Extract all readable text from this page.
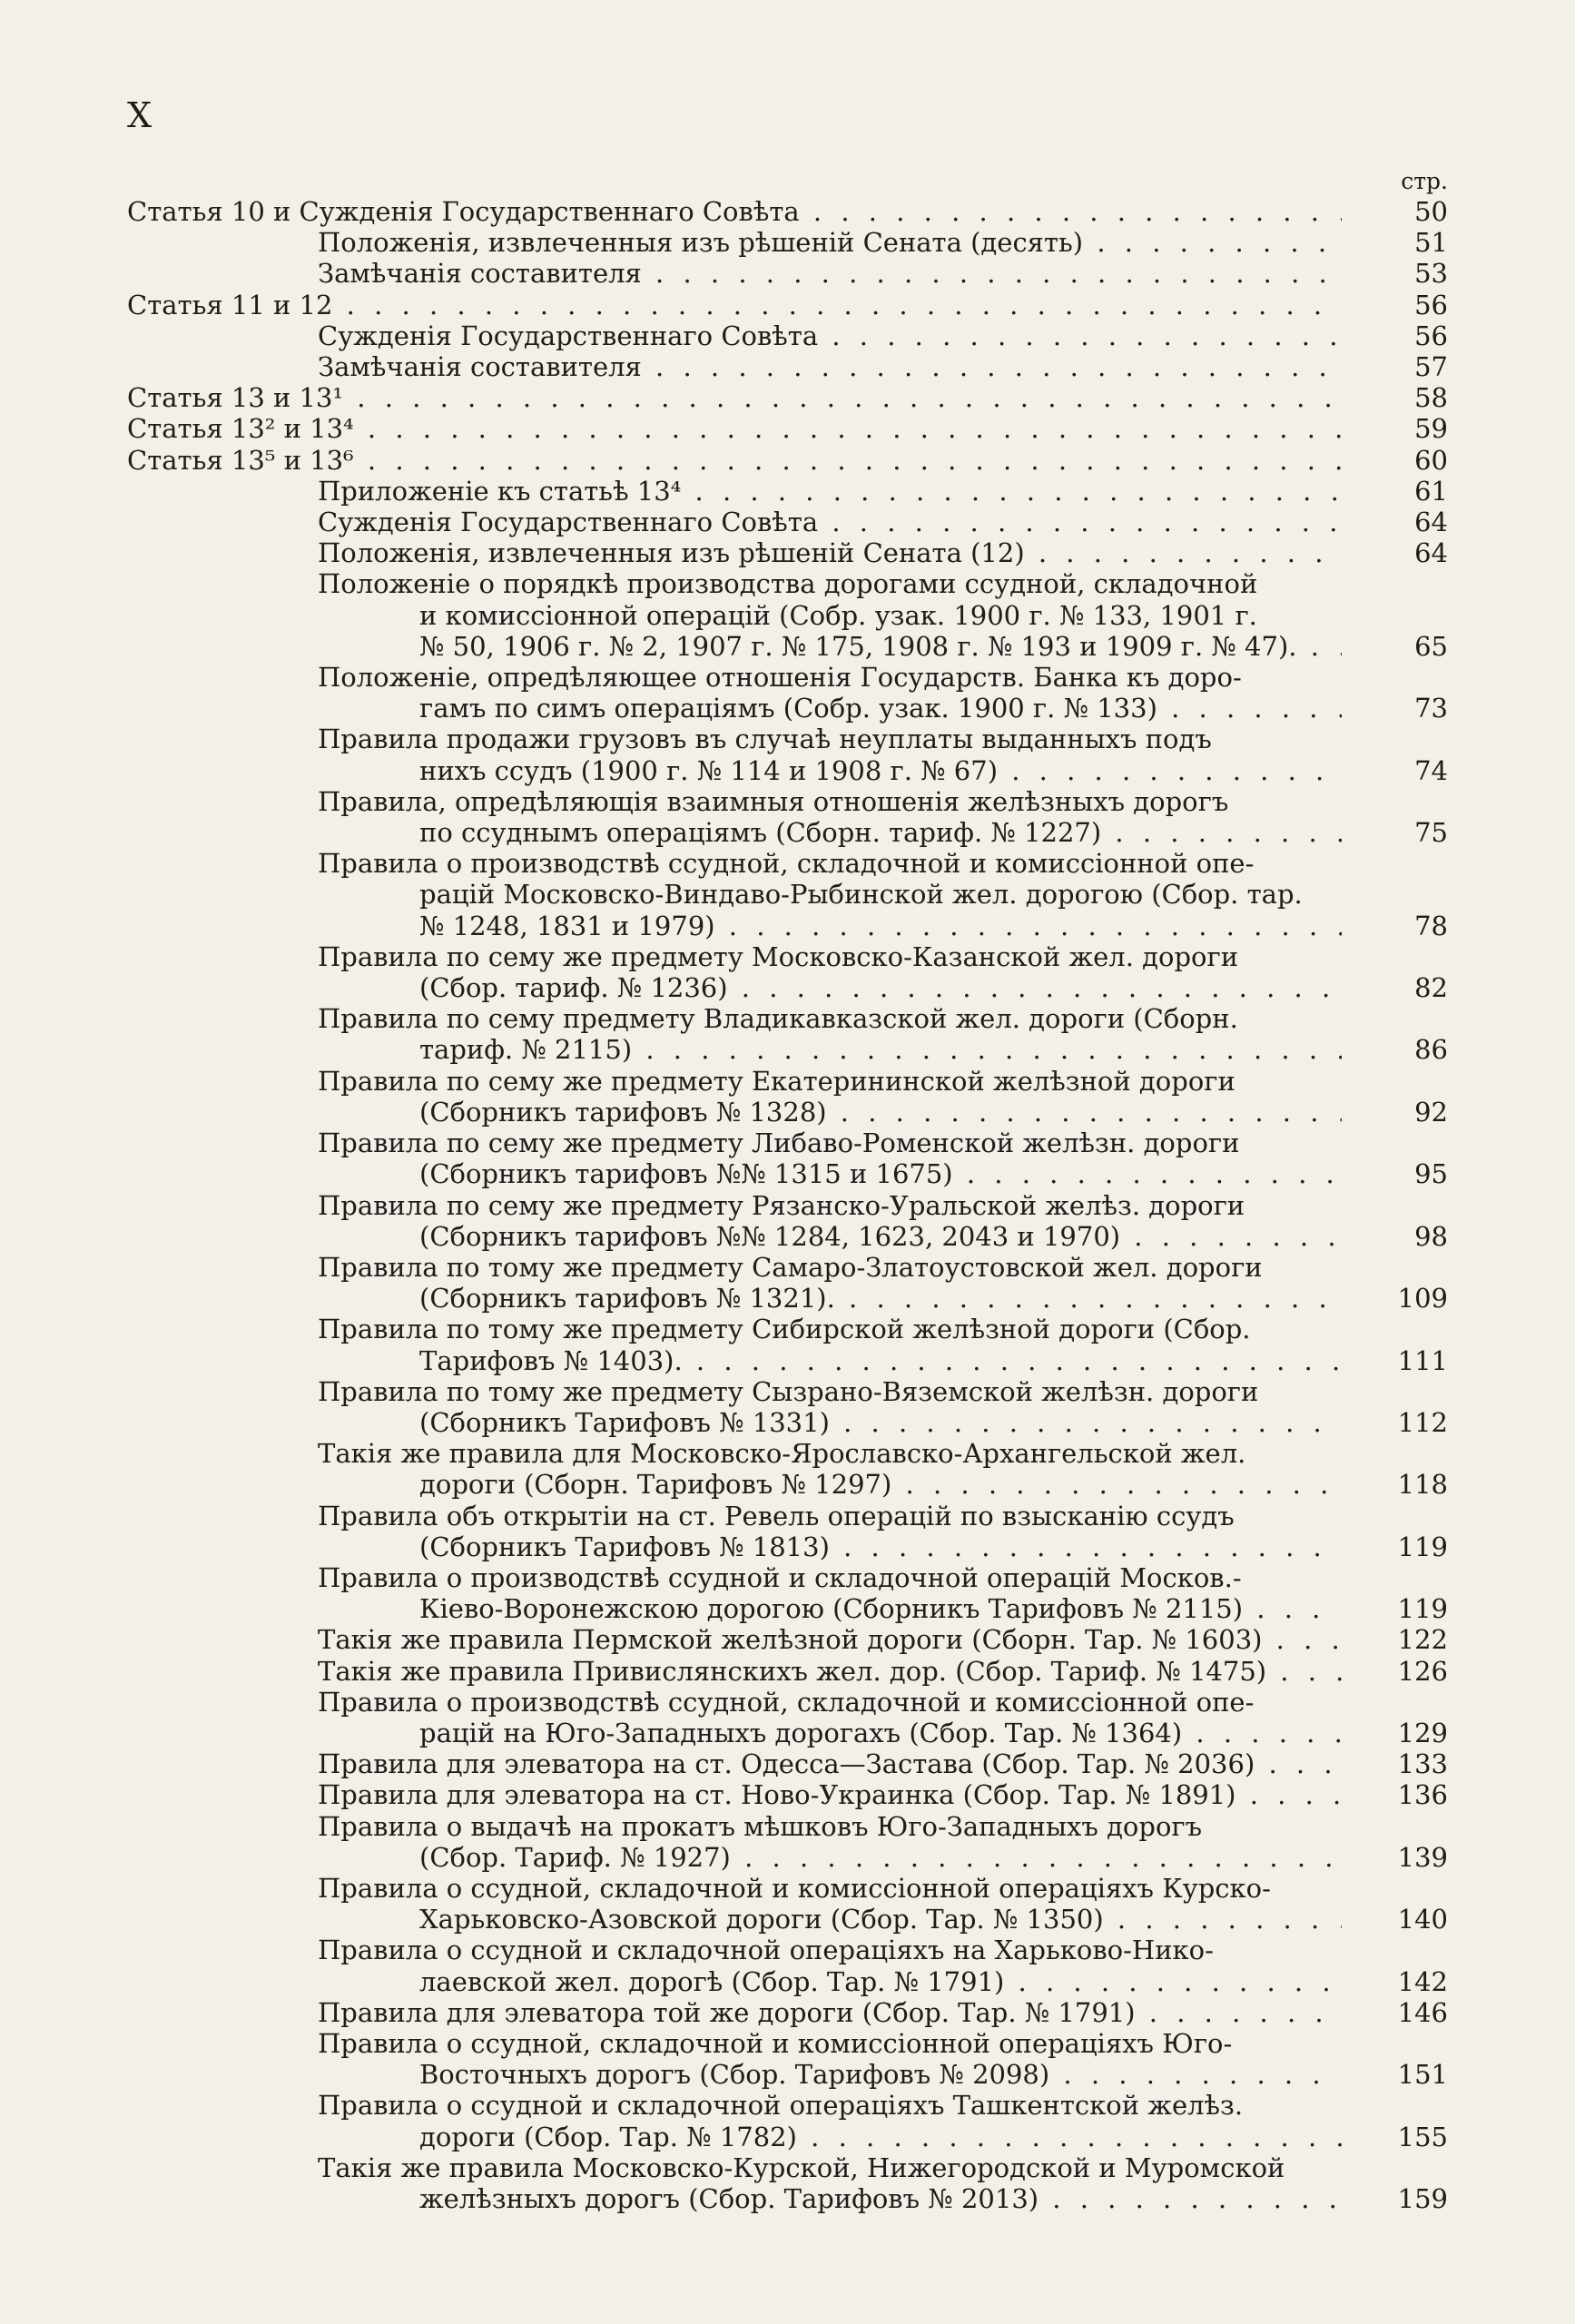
X
стр.
Статья 10 и Сужденія Государственнаго Совѣта . . .	50
Положенія, извлеченныя изъ рѣшеній Сената (десять) . . .	51
Замѣчанія составителя . . .	53
Статья 11 и 12 . . .	56
Сужденія Государственнаго Совѣта . . .	56
Замѣчанія составителя . . .	57
Статья 13 и 13¹ . . .	58
Статья 13² и 13⁴ . . .	59
Статья 13⁵ и 13⁶ . . .	60
Приложеніе къ статьѣ 13⁴ . . .	61
Сужденія Государственнаго Совѣта . . .	64
Положенія, извлеченныя изъ рѣшеній Сената (12) . . .	64
Положеніе о порядкѣ производства дорогами ссудной, складочной
и комиссіонной операцій (Собр. узак. 1900 г. № 133, 1901 г.
№ 50, 1906 г. № 2, 1907 г. № 175, 1908 г. № 193 и 1909 г. № 47). . . .	65
Положеніе, опредѣляющее отношенія Государств. Банка къ доро-
гамъ по симъ операціямъ (Собр. узак. 1900 г. № 133) . . .	73
Правила продажи грузовъ въ случаѣ неуплаты выданныхъ подъ
нихъ ссудъ (1900 г. № 114 и 1908 г. № 67) . . .	74
Правила, опредѣляющія взаимныя отношенія желѣзныхъ дорогъ
по ссуднымъ операціямъ (Сборн. тариф. № 1227) . . .	75
Правила о производствѣ ссудной, складочной и комиссіонной опе-
рацій Московско-Виндаво-Рыбинской жел. дорогою (Сбор. тар.
№ 1248, 1831 и 1979) . . .	78
Правила по сему же предмету Московско-Казанской жел. дороги
(Сбор. тариф. № 1236) . . .	82
Правила по сему предмету Владикавказской жел. дороги (Сборн.
тариф. № 2115) . . .	86
Правила по сему же предмету Екатерининской желѣзной дороги
(Сборникъ тарифовъ № 1328) . . .	92
Правила по сему же предмету Либаво-Роменской желѣзн. дороги
(Сборникъ тарифовъ №№ 1315 и 1675) . . .	95
Правила по сему же предмету Рязанско-Уральской желѣз. дороги
(Сборникъ тарифовъ №№ 1284, 1623, 2043 и 1970) . . .	98
Правила по тому же предмету Самаро-Златоустовской жел. дороги
(Сборникъ тарифовъ № 1321). . . .	109
Правила по тому же предмету Сибирской желѣзной дороги (Сбор.
Тарифовъ № 1403). . . .	111
Правила по тому же предмету Сызрано-Вяземской желѣзн. дороги
(Сборникъ Тарифовъ № 1331) . . .	112
Такія же правила для Московско-Ярославско-Архангельской жел.
дороги (Сборн. Тарифовъ № 1297) . . .	118
Правила объ открытіи на ст. Ревель операцій по взысканію ссудъ
(Сборникъ Тарифовъ № 1813) . . .	119
Правила о производствѣ ссудной и складочной операцій Москов.-
Кіево-Воронежскою дорогою (Сборникъ Тарифовъ № 2115) . . .	119
Такія же правила Пермской желѣзной дороги (Сборн. Тар. № 1603) . . .	122
Такія же правила Привислянскихъ жел. дор. (Сбор. Тариф. № 1475) . . .	126
Правила о производствѣ ссудной, складочной и комиссіонной опе-
рацій на Юго-Западныхъ дорогахъ (Сбор. Тар. № 1364) . . .	129
Правила для элеватора на ст. Одесса—Застава (Сбор. Тар. № 2036) . . .	133
Правила для элеватора на ст. Ново-Украинка (Сбор. Тар. № 1891) . . .	136
Правила о выдачѣ на прокатъ мѣшковъ Юго-Западныхъ дорогъ
(Сбор. Тариф. № 1927) . . .	139
Правила о ссудной, складочной и комиссіонной операціяхъ Курско-
Харьковско-Азовской дороги (Сбор. Тар. № 1350) . . .	140
Правила о ссудной и складочной операціяхъ на Харьково-Нико-
лаевской жел. дорогѣ (Сбор. Тар. № 1791) . . .	142
Правила для элеватора той же дороги (Сбор. Тар. № 1791) . . .	146
Правила о ссудной, складочной и комиссіонной операціяхъ Юго-
Восточныхъ дорогъ (Сбор. Тарифовъ № 2098) . . .	151
Правила о ссудной и складочной операціяхъ Ташкентской желѣз.
дороги (Сбор. Тар. № 1782) . . .	155
Такія же правила Московско-Курской, Нижегородской и Муромской
желѣзныхъ дорогъ (Сбор. Тарифовъ № 2013) . . .	159
